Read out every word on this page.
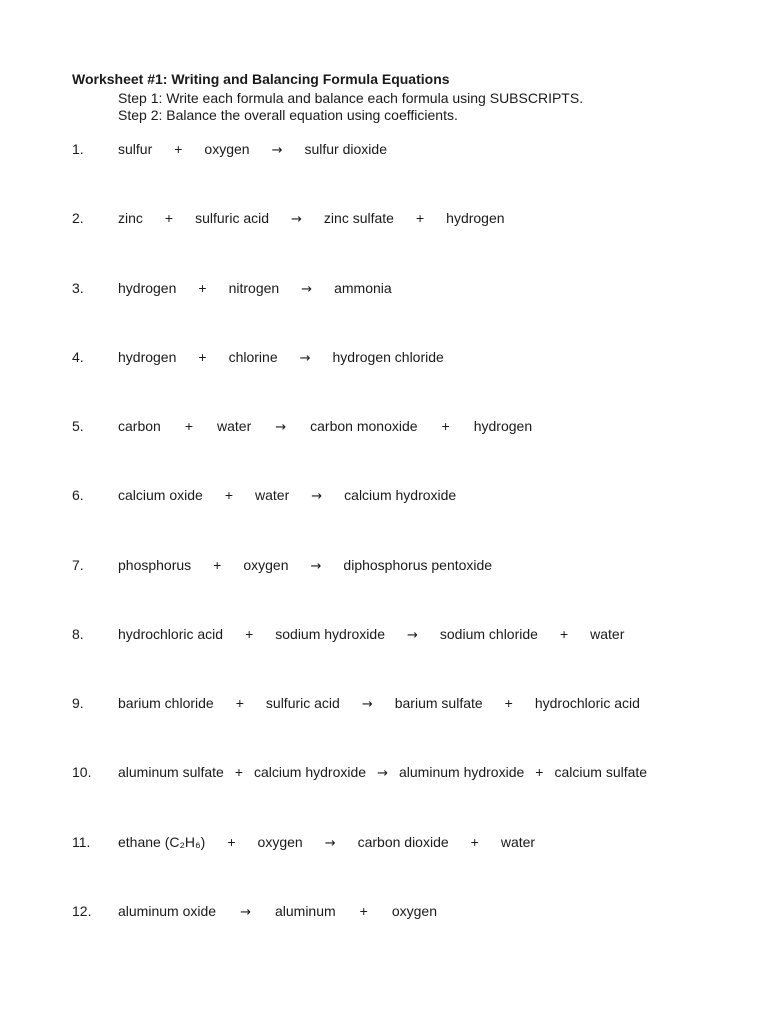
Worksheet #1: Writing and Balancing Formula Equations
Step 1: Write each formula and balance each formula using SUBSCRIPTS.
Step 2: Balance the overall equation using coefficients.
1. sulfur + oxygen → sulfur dioxide
2. zinc + sulfuric acid → zinc sulfate + hydrogen
3. hydrogen + nitrogen → ammonia
4. hydrogen + chlorine → hydrogen chloride
5. carbon + water → carbon monoxide + hydrogen
6. calcium oxide + water → calcium hydroxide
7. phosphorus + oxygen → diphosphorus pentoxide
8. hydrochloric acid + sodium hydroxide → sodium chloride + water
9. barium chloride + sulfuric acid → barium sulfate + hydrochloric acid
10. aluminum sulfate + calcium hydroxide → aluminum hydroxide + calcium sulfate
11. ethane (C₂H₆) + oxygen → carbon dioxide + water
12. aluminum oxide → aluminum + oxygen
